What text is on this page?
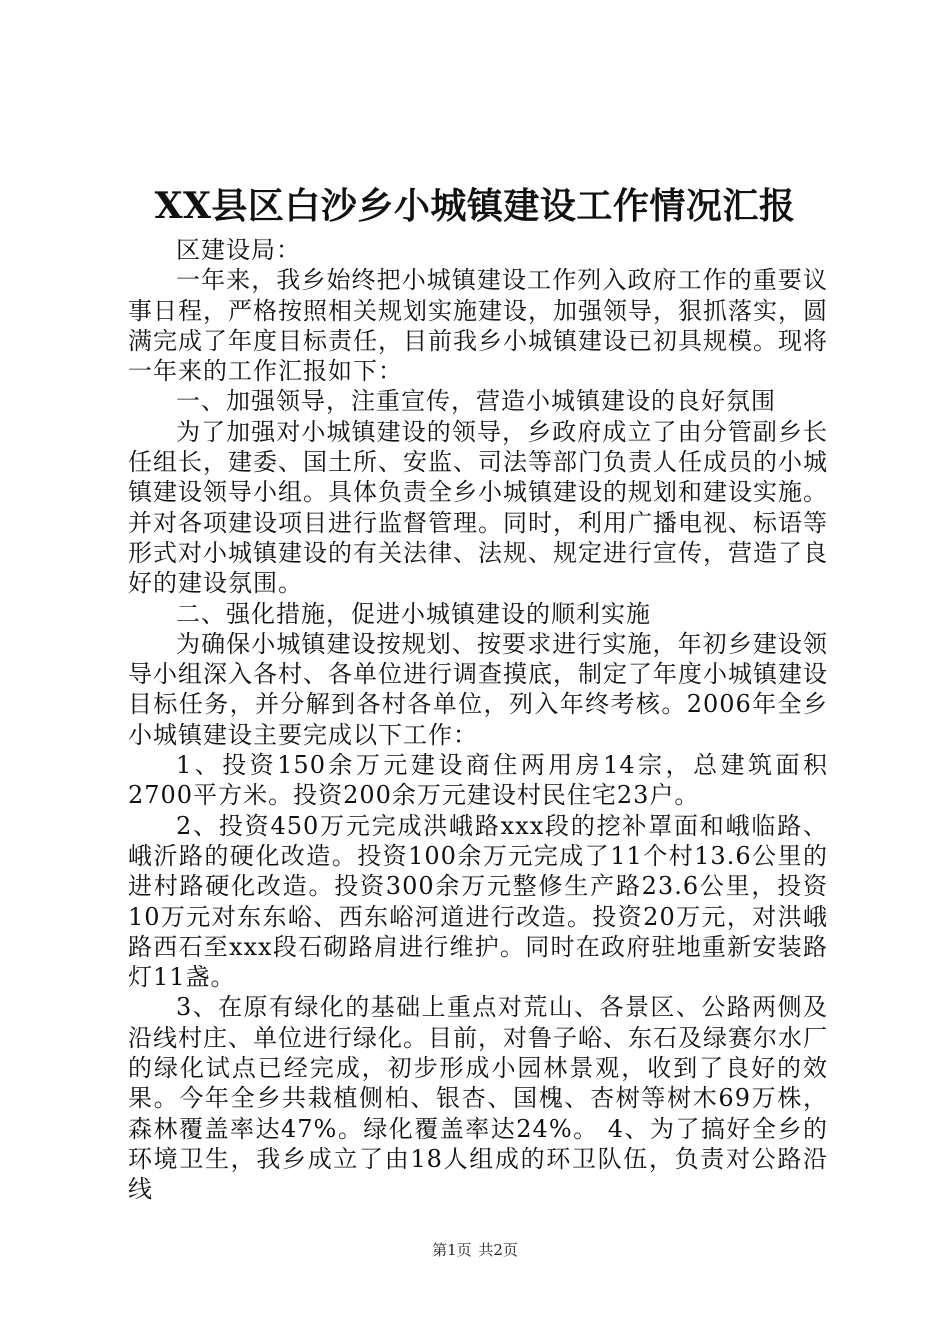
XX县区白沙乡小城镇建设工作情况汇报

区建设局：

一年来，我乡始终把小城镇建设工作列入政府工作的重要议事日程，严格按照相关规划实施建设，加强领导，狠抓落实，圆满完成了年度目标责任，目前我乡小城镇建设已初具规模。现将一年来的工作汇报如下：

一、加强领导，注重宣传，营造小城镇建设的良好氛围

为了加强对小城镇建设的领导，乡政府成立了由分管副乡长任组长，建委、国土所、安监、司法等部门负责人任成员的小城镇建设领导小组。具体负责全乡小城镇建设的规划和建设实施。并对各项建设项目进行监督管理。同时，利用广播电视、标语等形式对小城镇建设的有关法律、法规、规定进行宣传，营造了良好的建设氛围。

二、强化措施，促进小城镇建设的顺利实施

为确保小城镇建设按规划、按要求进行实施，年初乡建设领导小组深入各村、各单位进行调查摸底，制定了年度小城镇建设目标任务，并分解到各村各单位，列入年终考核。2006年全乡小城镇建设主要完成以下工作：

1、投资150余万元建设商住两用房14宗，总建筑面积2700平方米。投资200余万元建设村民住宅23户。

2、投资450万元完成洪峨路xxx段的挖补罩面和峨临路、峨沂路的硬化改造。投资100余万元完成了11个村13.6公里的进村路硬化改造。投资300余万元整修生产路23.6公里，投资10万元对东东峪、西东峪河道进行改造。投资20万元，对洪峨路西石至xxx段石砌路肩进行维护。同时在政府驻地重新安装路灯11盏。

3、在原有绿化的基础上重点对荒山、各景区、公路两侧及沿线村庄、单位进行绿化。目前，对鲁子峪、东石及绿赛尔水厂的绿化试点已经完成，初步形成小园林景观，收到了良好的效果。今年全乡共栽植侧柏、银杏、国槐、杏树等树木69万株，森林覆盖率达47%。绿化覆盖率达24%。 4、为了搞好全乡的环境卫生，我乡成立了由18人组成的环卫队伍，负责对公路沿线

第1页 共2页
